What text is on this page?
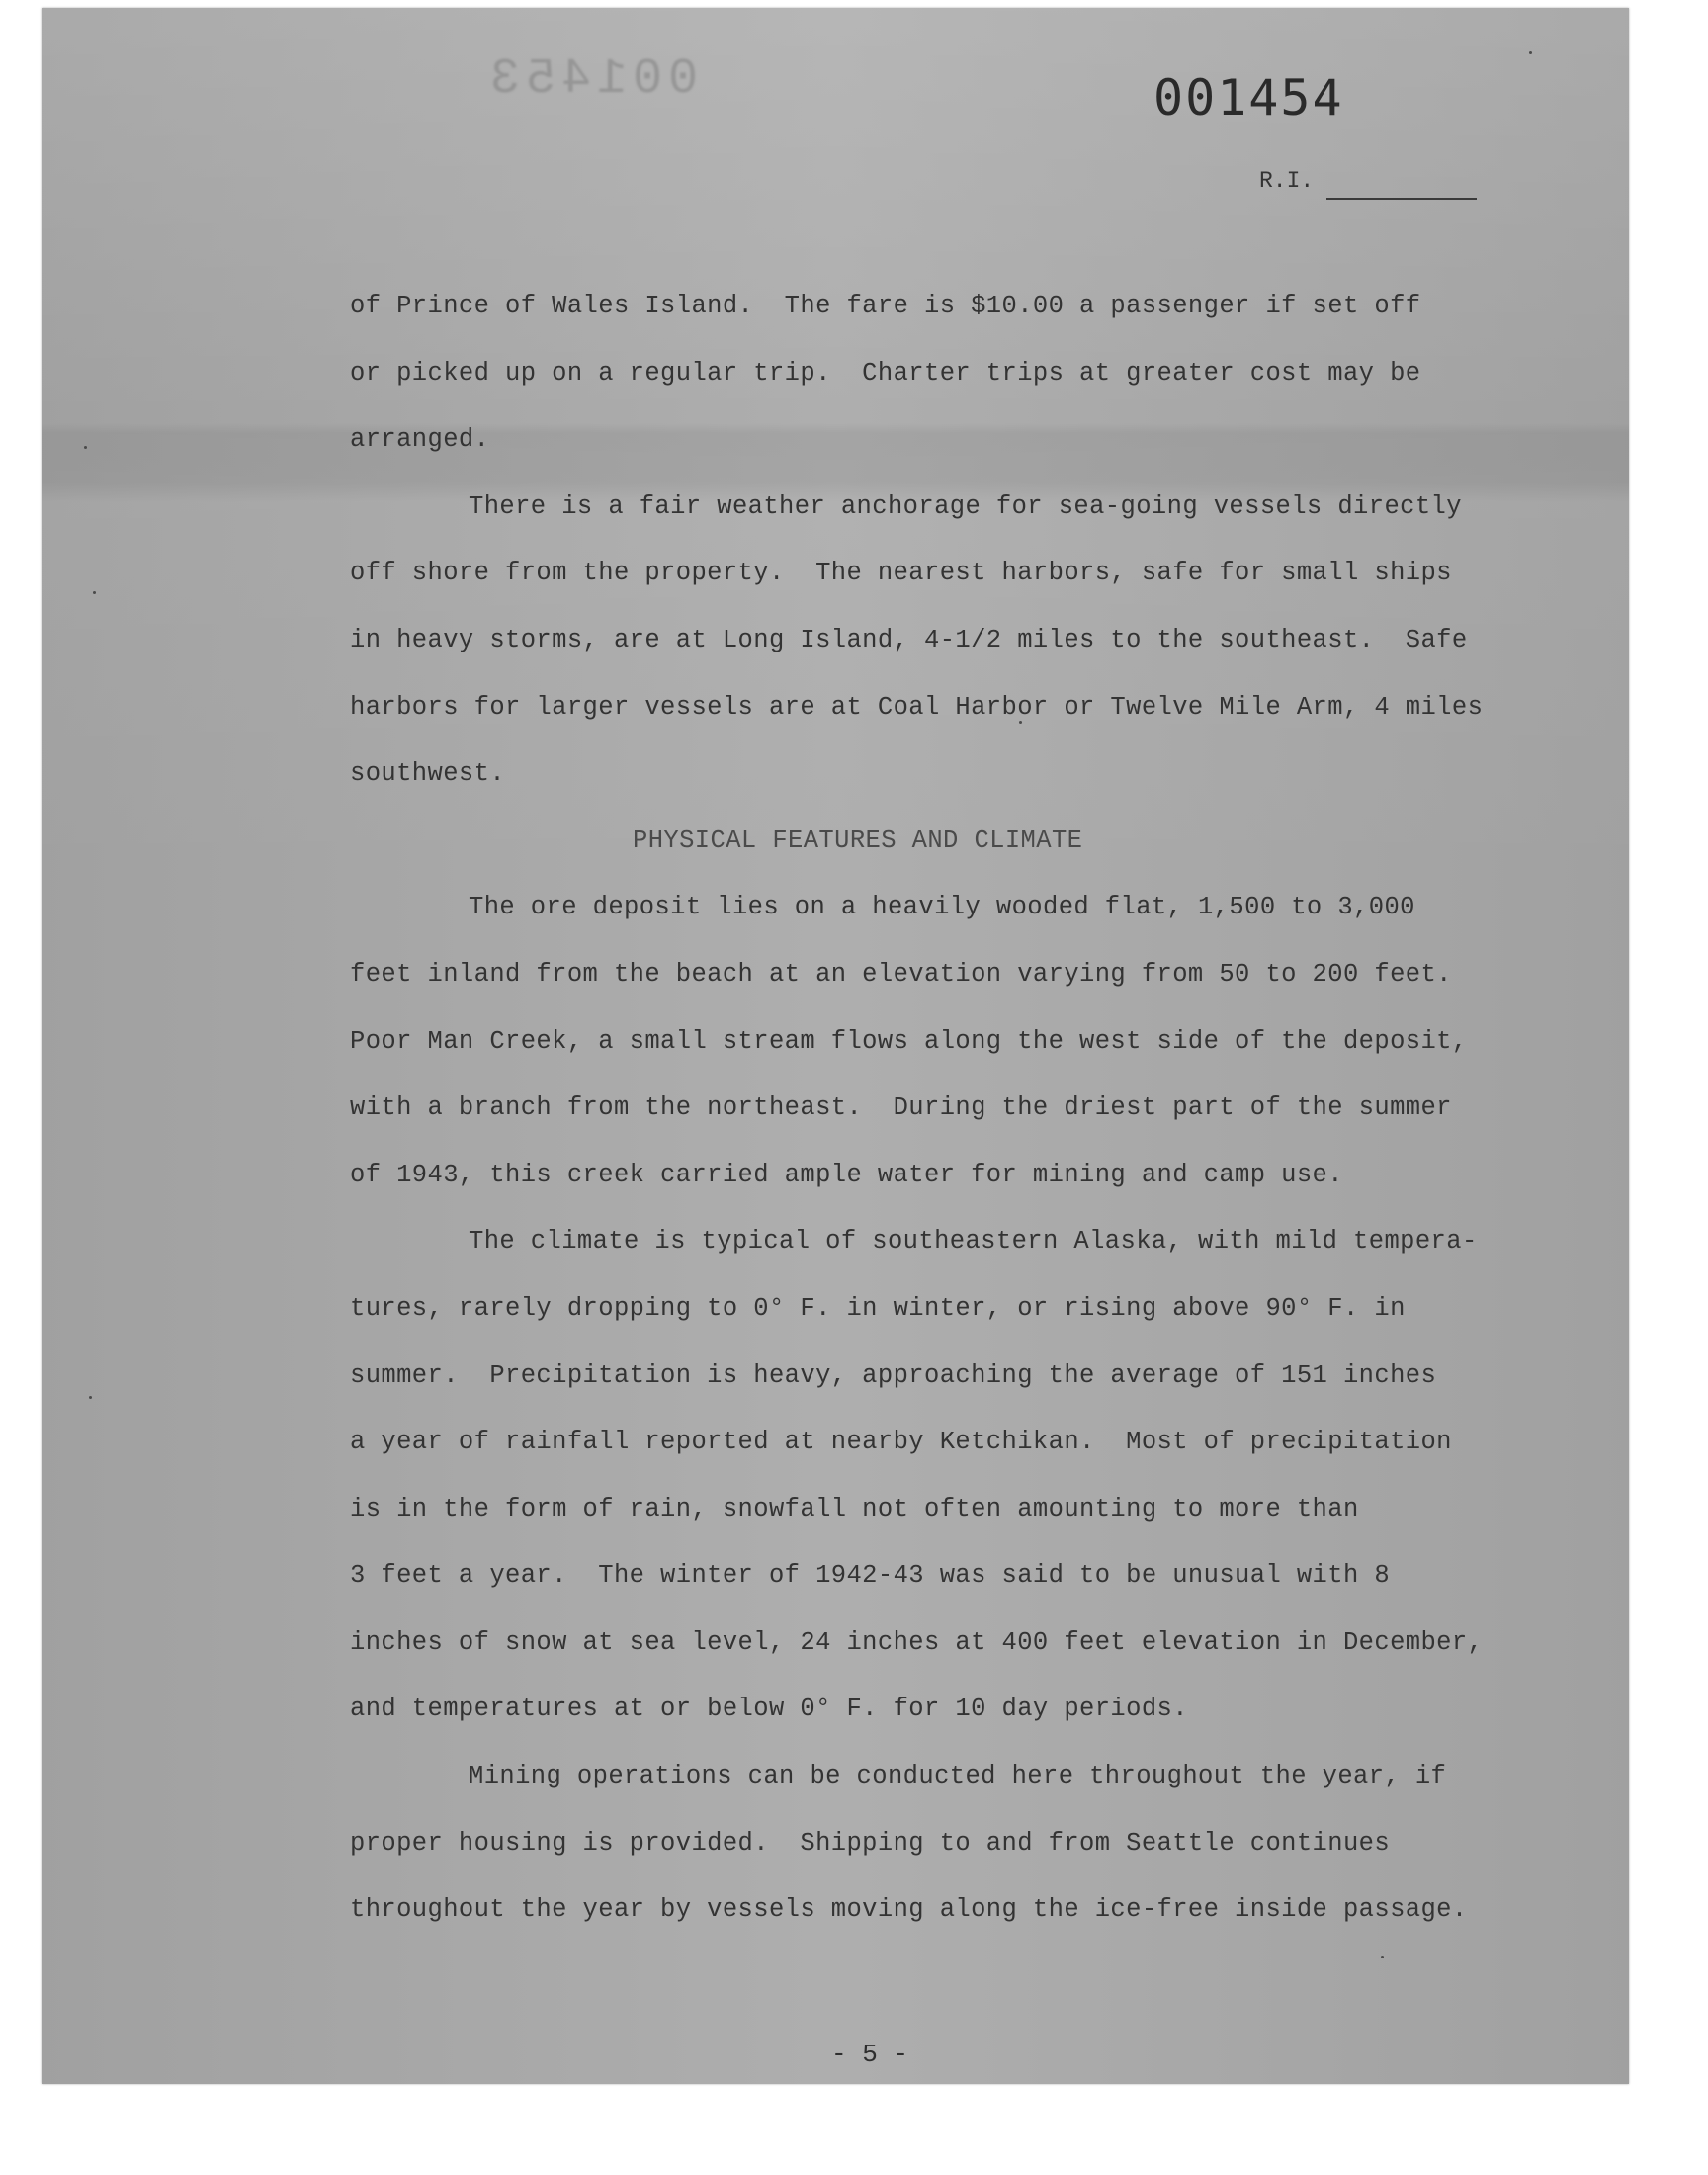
001453	001454
R.I.

of Prince of Wales Island.  The fare is $10.00 a passenger if set off

or picked up on a regular trip.  Charter trips at greater cost may be

arranged.

There is a fair weather anchorage for sea-going vessels directly

off shore from the property.  The nearest harbors, safe for small ships

in heavy storms, are at Long Island, 4-1/2 miles to the southeast.  Safe

harbors for larger vessels are at Coal Harbor or Twelve Mile Arm, 4 miles

southwest.

PHYSICAL FEATURES AND CLIMATE

The ore deposit lies on a heavily wooded flat, 1,500 to 3,000

feet inland from the beach at an elevation varying from 50 to 200 feet.

Poor Man Creek, a small stream flows along the west side of the deposit,

with a branch from the northeast.  During the driest part of the summer

of 1943, this creek carried ample water for mining and camp use.

The climate is typical of southeastern Alaska, with mild tempera-

tures, rarely dropping to 0° F. in winter, or rising above 90° F. in

summer.  Precipitation is heavy, approaching the average of 151 inches

a year of rainfall reported at nearby Ketchikan.  Most of precipitation

is in the form of rain, snowfall not often amounting to more than

3 feet a year.  The winter of 1942-43 was said to be unusual with 8

inches of snow at sea level, 24 inches at 400 feet elevation in December,

and temperatures at or below 0° F. for 10 day periods.

Mining operations can be conducted here throughout the year, if

proper housing is provided.  Shipping to and from Seattle continues

throughout the year by vessels moving along the ice-free inside passage.

- 5 -
